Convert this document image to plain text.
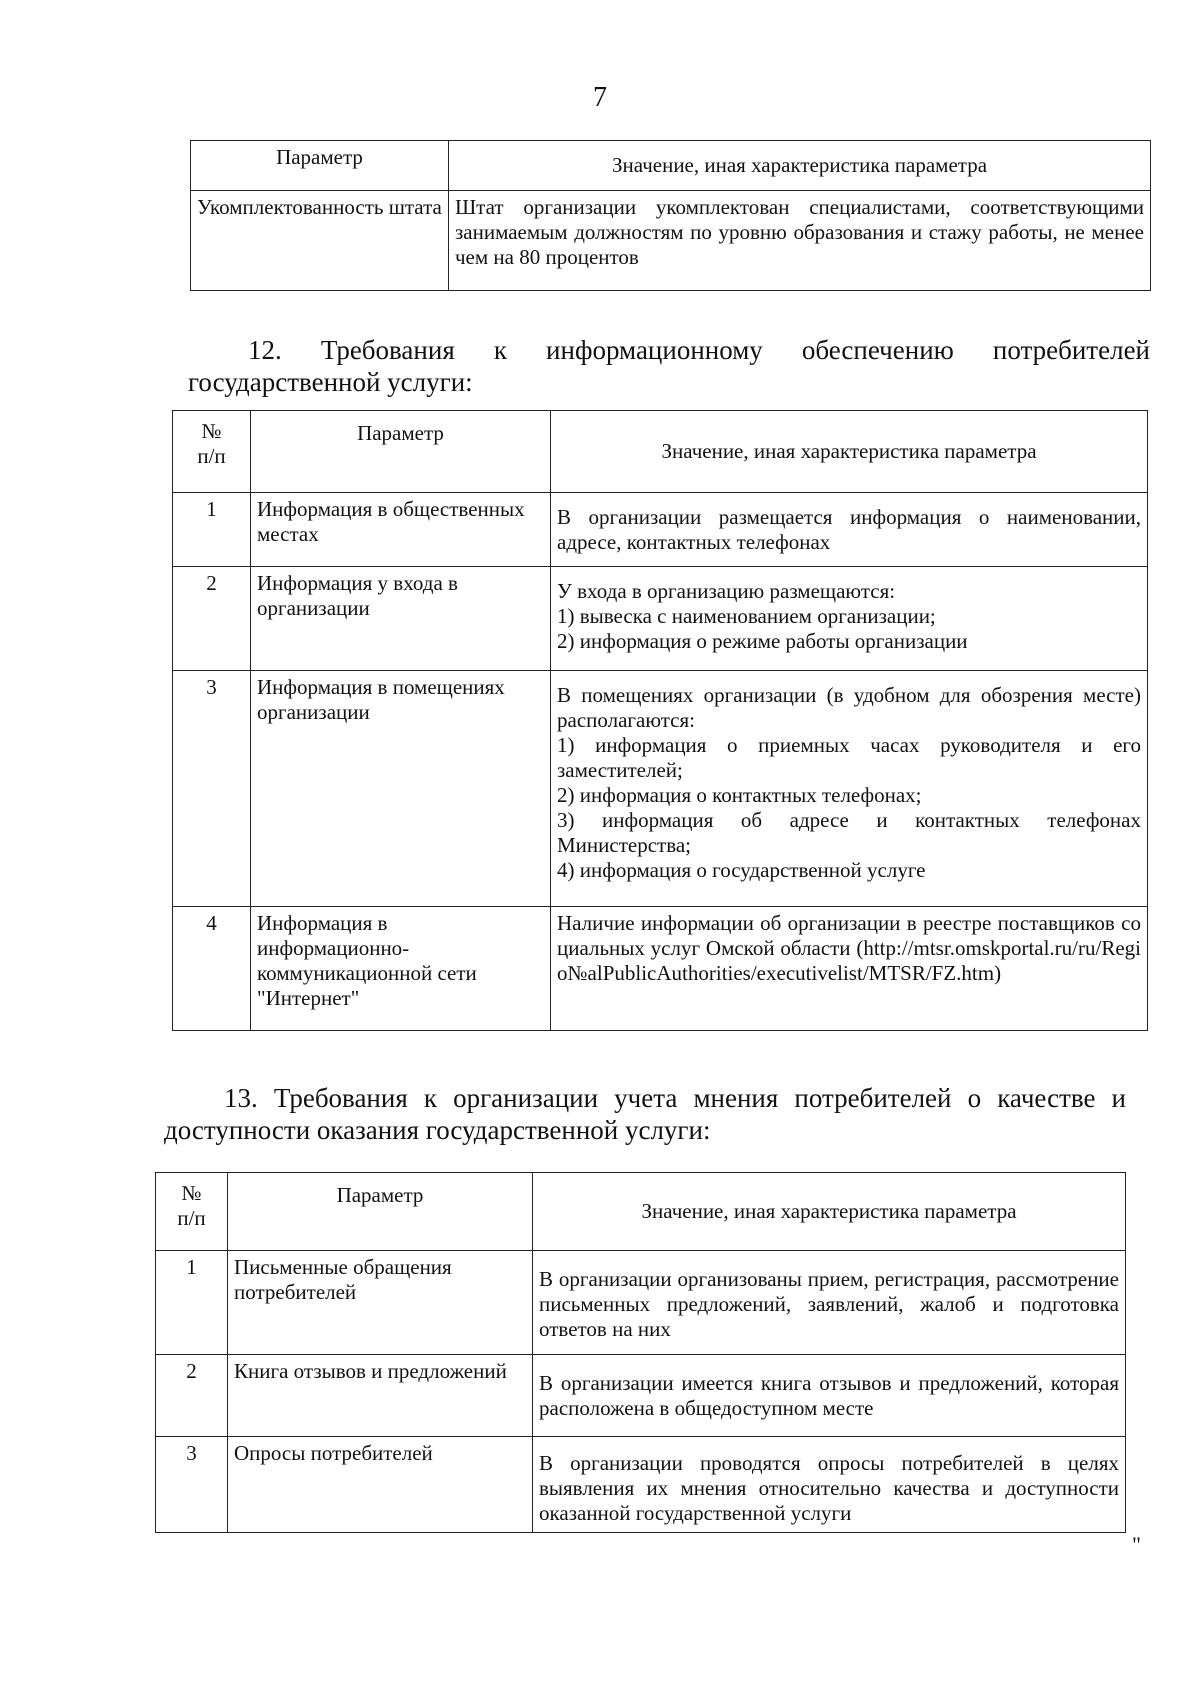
7
Параметр	Значение, иная характеристика параметра
Укомплектованность штата	Штат организации укомплектован специалистами, соответствующими занимаемым должностям по уровню образования и стажу работы, не менее чем на 80 процентов
12. Требования к информационному обеспечению потребителей государственной услуги:
№ п/п	Параметр	Значение, иная характеристика параметра
1	Информация в общественных местах	В организации размещается информация о наименовании, адресе, контактных телефонах

2	Информация у входа в организации	У входа в организацию размещаются:
1) вывеска с наименованием организации;
2) информация о режиме работы организации

3	Информация в помещениях организации	В помещениях организации (в удобном для обозрения месте) располагаются:
1) информация о приемных часах руководителя и его заместителей;
2) информация о контактных телефонах;
3) информация об адресе и контактных телефонах Министерства;
4) информация о государственной услуге

4	Информация в информационно-коммуникационной сети "Интернет"	Наличие информации об организации в реестре поставщиков социальных услуг Омской области (http://mtsr.omskportal.ru/ru/Regio№alPublicAuthorities/executivelist/MTSR/FZ.htm)
13. Требования к организации учета мнения потребителей о качестве и доступности оказания государственной услуги:
№ п/п	Параметр	Значение, иная характеристика параметра
1	Письменные обращения потребителей	В организации организованы прием, регистрация, рассмотрение письменных предложений, заявлений, жалоб и подготовка ответов на них
2	Книга отзывов и предложений	В организации имеется книга отзывов и предложений, которая расположена в общедоступном месте
3	Опросы потребителей	В организации проводятся опросы потребителей в целях выявления их мнения относительно качества и доступности оказанной государственной услуги
"
